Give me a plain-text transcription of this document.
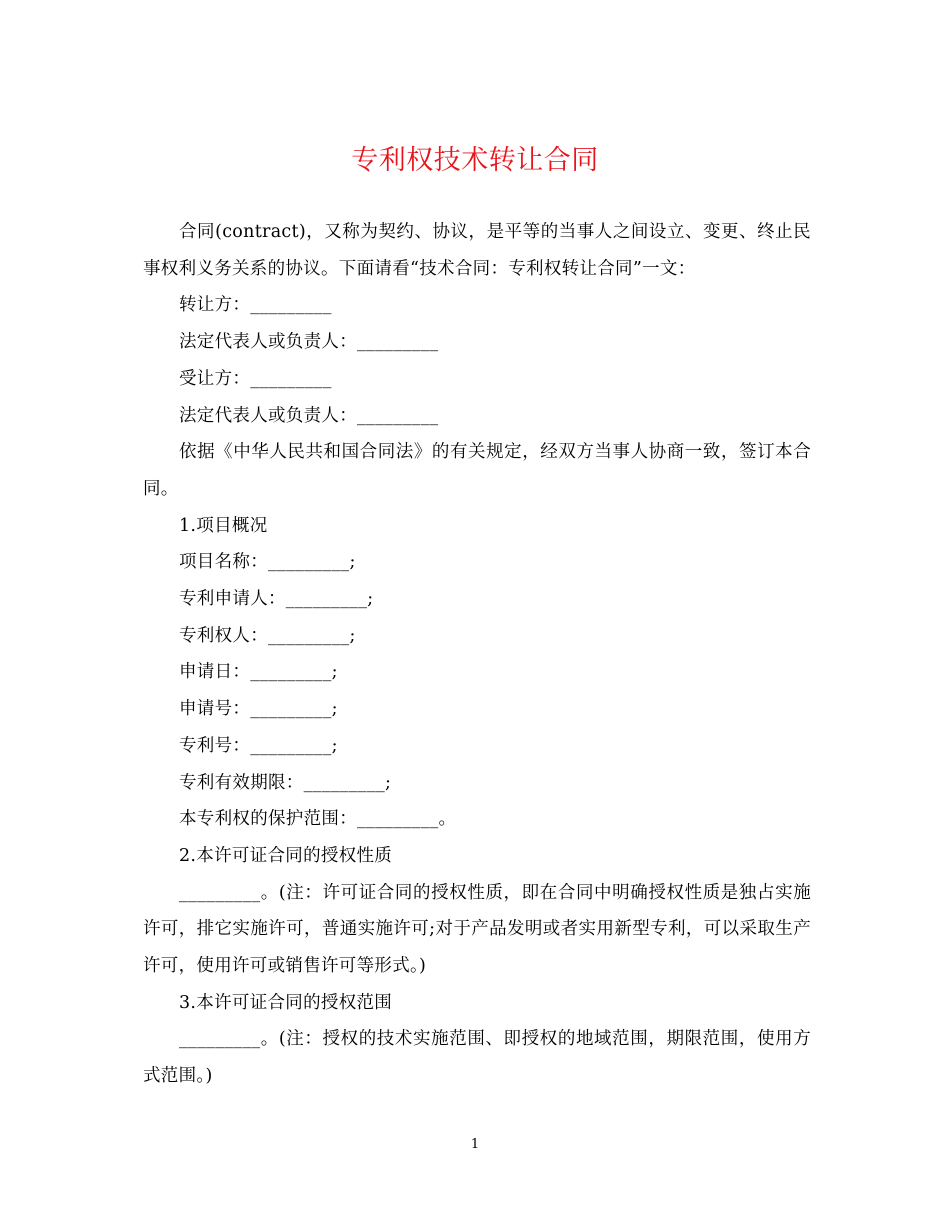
专利权技术转让合同

合同(contract)，又称为契约、协议，是平等的当事人之间设立、变更、终止民事权利义务关系的协议。下面请看“技术合同：专利权转让合同”一文：

转让方：_________

法定代表人或负责人：_________

受让方：_________

法定代表人或负责人：_________

依据《中华人民共和国合同法》的有关规定，经双方当事人协商一致，签订本合同。

1.项目概况

项目名称：_________;

专利申请人：_________;

专利权人：_________;

申请日：_________;

申请号：_________;

专利号：_________;

专利有效期限：_________;

本专利权的保护范围：_________。

2.本许可证合同的授权性质

_________。(注：许可证合同的授权性质，即在合同中明确授权性质是独占实施许可，排它实施许可，普通实施许可;对于产品发明或者实用新型专利，可以采取生产许可，使用许可或销售许可等形式。)

3.本许可证合同的授权范围

_________。(注：授权的技术实施范围、即授权的地域范围，期限范围，使用方式范围。)

1
